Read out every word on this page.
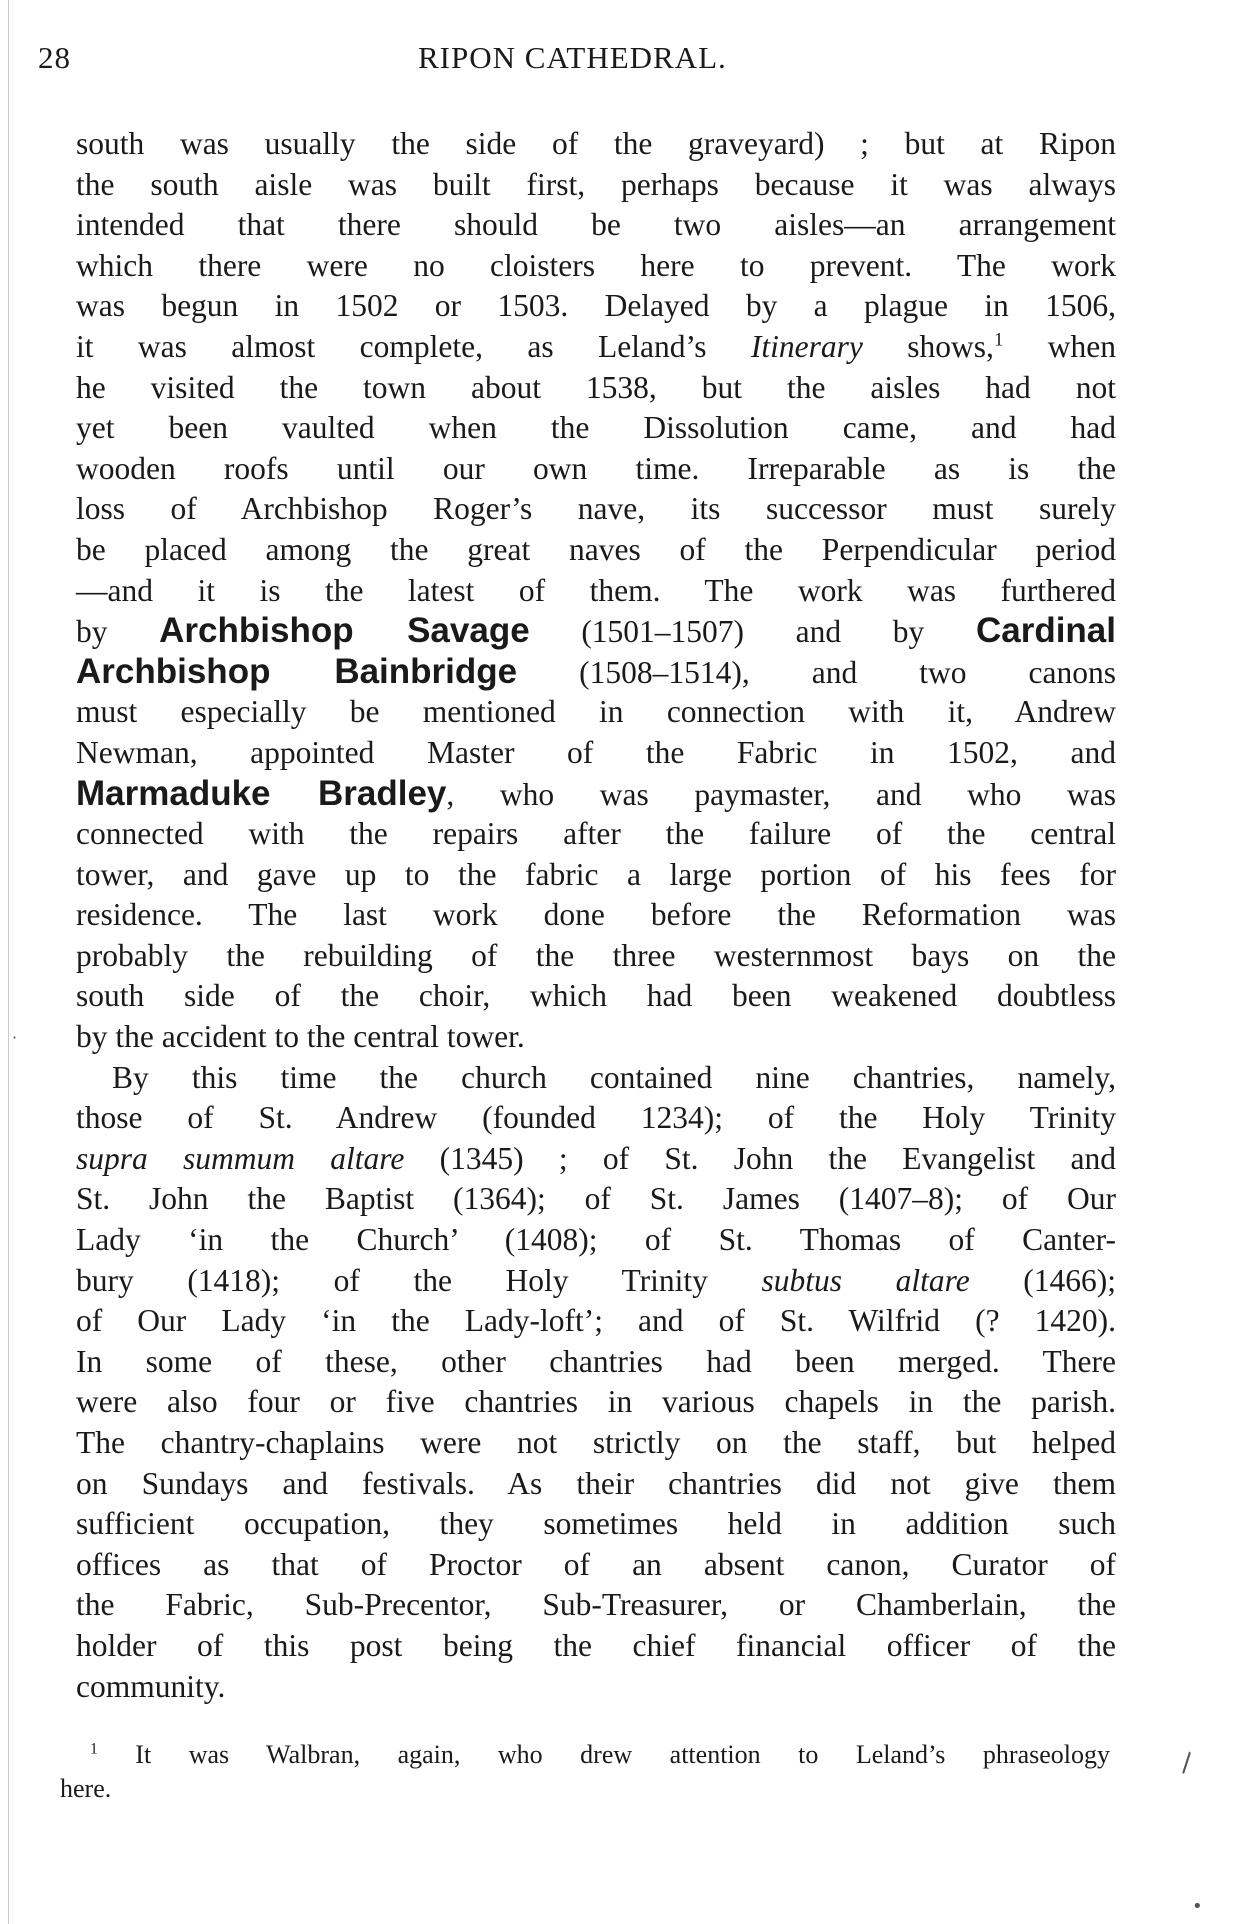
28	RIPON CATHEDRAL.
south was usually the side of the graveyard) ; but at Ripon
the south aisle was built first, perhaps because it was always
intended that there should be two aisles—an arrangement
which there were no cloisters here to prevent. The work
was begun in 1502 or 1503. Delayed by a plague in 1506,
it was almost complete, as Leland’s Itinerary shows,$^1$ when
he visited the town about 1538, but the aisles had not
yet been vaulted when the Dissolution came, and had
wooden roofs until our own time. Irreparable as is the
loss of Archbishop Roger’s nave, its successor must surely
be placed among the great naves of the Perpendicular period
—and it is the latest of them. The work was furthered
by Archbishop Savage (1501–1507) and by Cardinal
Archbishop Bainbridge (1508–1514), and two canons
must especially be mentioned in connection with it, Andrew
Newman, appointed Master of the Fabric in 1502, and
Marmaduke Bradley, who was paymaster, and who was
connected with the repairs after the failure of the central
tower, and gave up to the fabric a large portion of his fees for
residence. The last work done before the Reformation was
probably the rebuilding of the three westernmost bays on the
south side of the choir, which had been weakened doubtless
by the accident to the central tower.
By this time the church contained nine chantries, namely,
those of St. Andrew (founded 1234); of the Holy Trinity
supra summum altare (1345) ; of St. John the Evangelist and
St. John the Baptist (1364); of St. James (1407–8); of Our
Lady ‘in the Church’ (1408); of St. Thomas of Canter-
bury (1418); of the Holy Trinity subtus altare (1466);
of Our Lady ‘in the Lady-loft’; and of St. Wilfrid (? 1420).
In some of these, other chantries had been merged. There
were also four or five chantries in various chapels in the parish.
The chantry-chaplains were not strictly on the staff, but helped
on Sundays and festivals. As their chantries did not give them
sufficient occupation, they sometimes held in addition such
offices as that of Proctor of an absent canon, Curator of
the Fabric, Sub-Precentor, Sub-Treasurer, or Chamberlain, the
holder of this post being the chief financial officer of the
community.
$^1$ It was Walbran, again, who drew attention to Leland’s phraseology
here.
·
\
•
